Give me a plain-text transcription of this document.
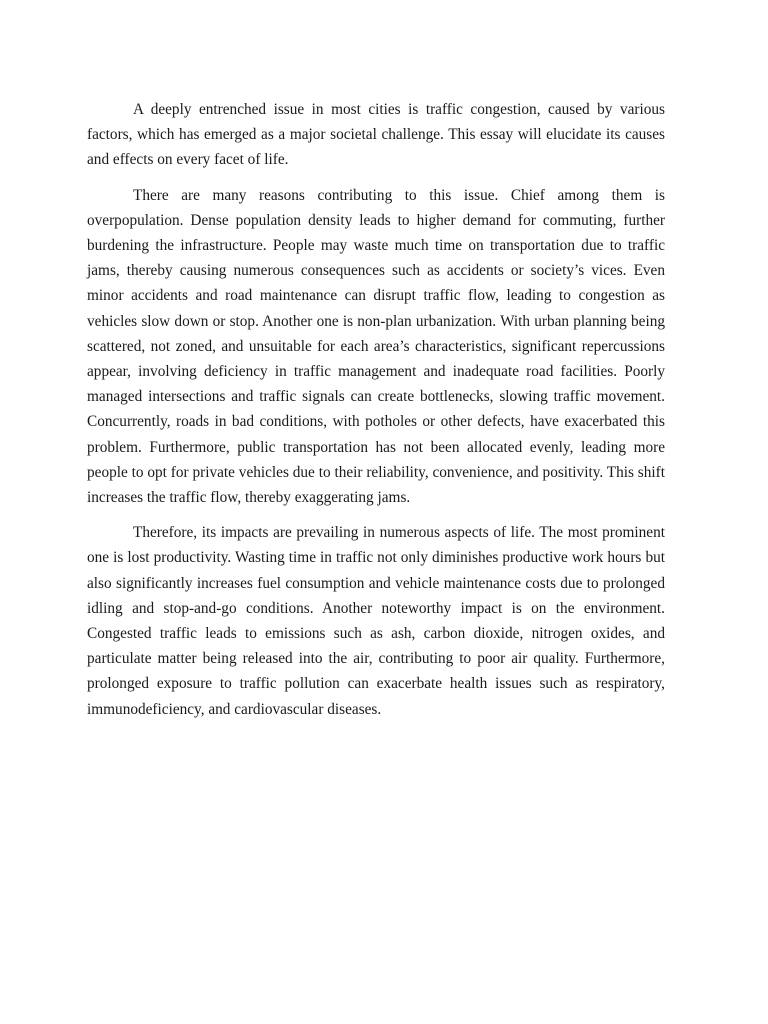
A deeply entrenched issue in most cities is traffic congestion, caused by various factors, which has emerged as a major societal challenge. This essay will elucidate its causes and effects on every facet of life.

There are many reasons contributing to this issue. Chief among them is overpopulation. Dense population density leads to higher demand for commuting, further burdening the infrastructure. People may waste much time on transportation due to traffic jams, thereby causing numerous consequences such as accidents or society’s vices. Even minor accidents and road maintenance can disrupt traffic flow, leading to congestion as vehicles slow down or stop. Another one is non-plan urbanization. With urban planning being scattered, not zoned, and unsuitable for each area’s characteristics, significant repercussions appear, involving deficiency in traffic management and inadequate road facilities. Poorly managed intersections and traffic signals can create bottlenecks, slowing traffic movement. Concurrently, roads in bad conditions, with potholes or other defects, have exacerbated this problem. Furthermore, public transportation has not been allocated evenly, leading more people to opt for private vehicles due to their reliability, convenience, and positivity. This shift increases the traffic flow, thereby exaggerating jams.

Therefore, its impacts are prevailing in numerous aspects of life. The most prominent one is lost productivity. Wasting time in traffic not only diminishes productive work hours but also significantly increases fuel consumption and vehicle maintenance costs due to prolonged idling and stop-and-go conditions. Another noteworthy impact is on the environment. Congested traffic leads to emissions such as ash, carbon dioxide, nitrogen oxides, and particulate matter being released into the air, contributing to poor air quality. Furthermore, prolonged exposure to traffic pollution can exacerbate health issues such as respiratory, immunodeficiency, and cardiovascular diseases.
